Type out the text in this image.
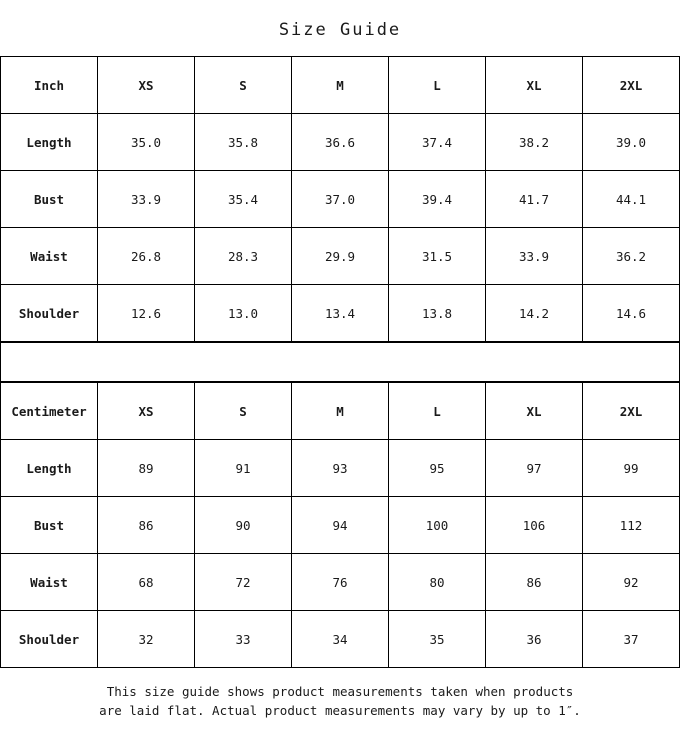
Size Guide
Inch	XS	S	M	L	XL	2XL
Length	35.0	35.8	36.6	37.4	38.2	39.0
Bust	33.9	35.4	37.0	39.4	41.7	44.1
Waist	26.8	28.3	29.9	31.5	33.9	36.2
Shoulder	12.6	13.0	13.4	13.8	14.2	14.6
Centimeter	XS	S	M	L	XL	2XL
Length	89	91	93	95	97	99
Bust	86	90	94	100	106	112
Waist	68	72	76	80	86	92
Shoulder	32	33	34	35	36	37
This size guide shows product measurements taken when products
are laid flat. Actual product measurements may vary by up to 1″.
